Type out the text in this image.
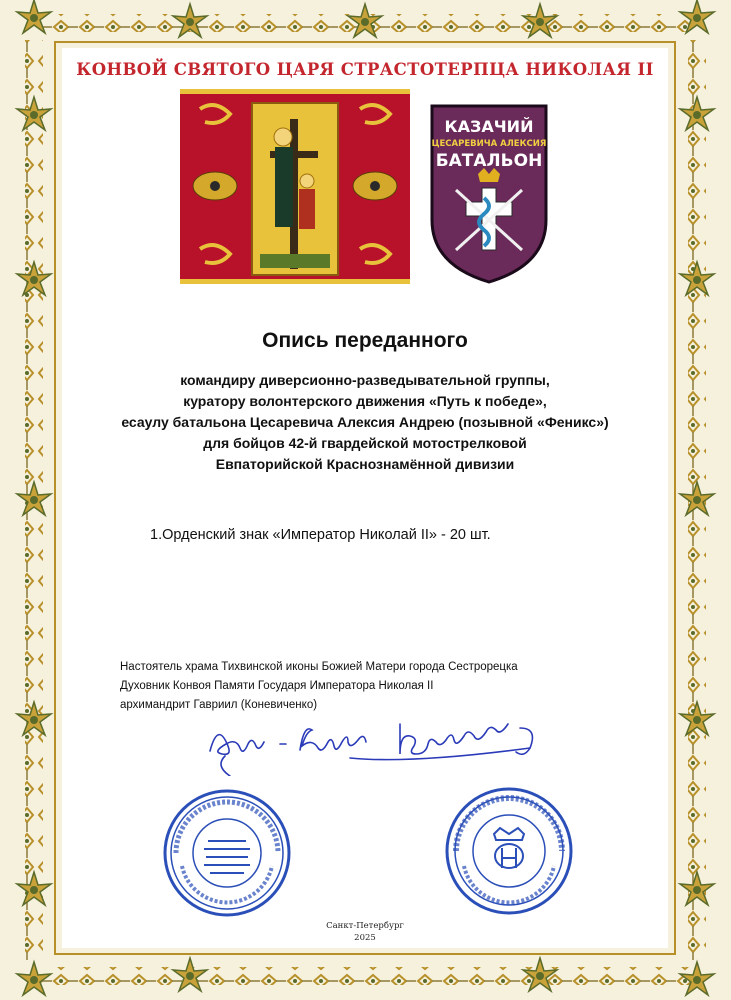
КОНВОЙ СВЯТОГО ЦАРЯ СТРАСТОТЕРПЦА НИКОЛАЯ II
КАЗАЧИЙ
ЦЕСАРЕВИЧА АЛЕКСИЯ
БАТАЛЬОН
Опись переданного
командиру диверсионно-разведывательной группы,
куратору волонтерского движения «Путь к победе»,
есаулу батальона Цесаревича Алексия Андрею (позывной «Феникс»)
для бойцов 42-й гвардейской мотострелковой
Евпаторийской Краснознамённой дивизии
1.Орденский знак «Император Николай II» - 20 шт.
Настоятель храма Тихвинской иконы Божией Матери города Сестрорецка
Духовник Конвоя Памяти Государя Императора Николая II
архимандрит Гавриил (Коневиченко)
Санкт-Петербург
2025
